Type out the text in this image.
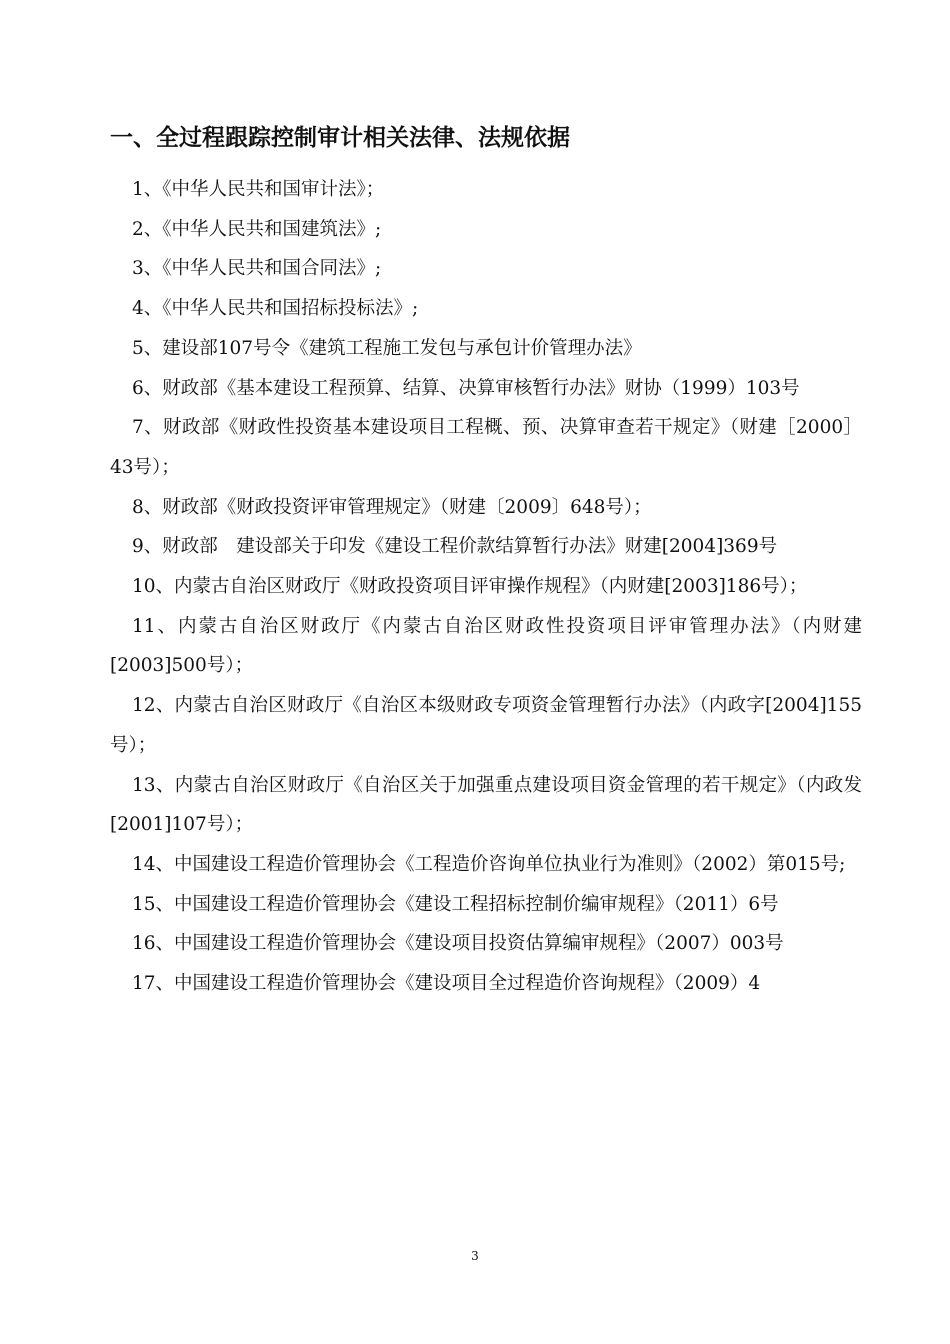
一、全过程跟踪控制审计相关法律、法规依据

1、《中华人民共和国审计法》；

2、《中华人民共和国建筑法》;

3、《中华人民共和国合同法》;

4、《中华人民共和国招标投标法》;

5、建设部107号令《建筑工程施工发包与承包计价管理办法》

6、财政部《基本建设工程预算、结算、决算审核暂行办法》财协（1999）103号

7、财政部《财政性投资基本建设项目工程概、预、决算审查若干规定》（财建［2000］43号）；

8、财政部《财政投资评审管理规定》（财建〔2009〕648号）；

9、财政部　建设部关于印发《建设工程价款结算暂行办法》财建[2004]369号

10、内蒙古自治区财政厅《财政投资项目评审操作规程》（内财建[2003]186号）；

11、内蒙古自治区财政厅《内蒙古自治区财政性投资项目评审管理办法》（内财建 [2003]500号）；

12、内蒙古自治区财政厅《自治区本级财政专项资金管理暂行办法》（内政字[2004]155号）；

13、内蒙古自治区财政厅《自治区关于加强重点建设项目资金管理的若干规定》（内政发[2001]107号）；

14、中国建设工程造价管理协会《工程造价咨询单位执业行为准则》（2002）第015号;

15、中国建设工程造价管理协会《建设工程招标控制价编审规程》（2011）6号

16、中国建设工程造价管理协会《建设项目投资估算编审规程》（2007）003号

17、中国建设工程造价管理协会《建设项目全过程造价咨询规程》（2009）4

3
